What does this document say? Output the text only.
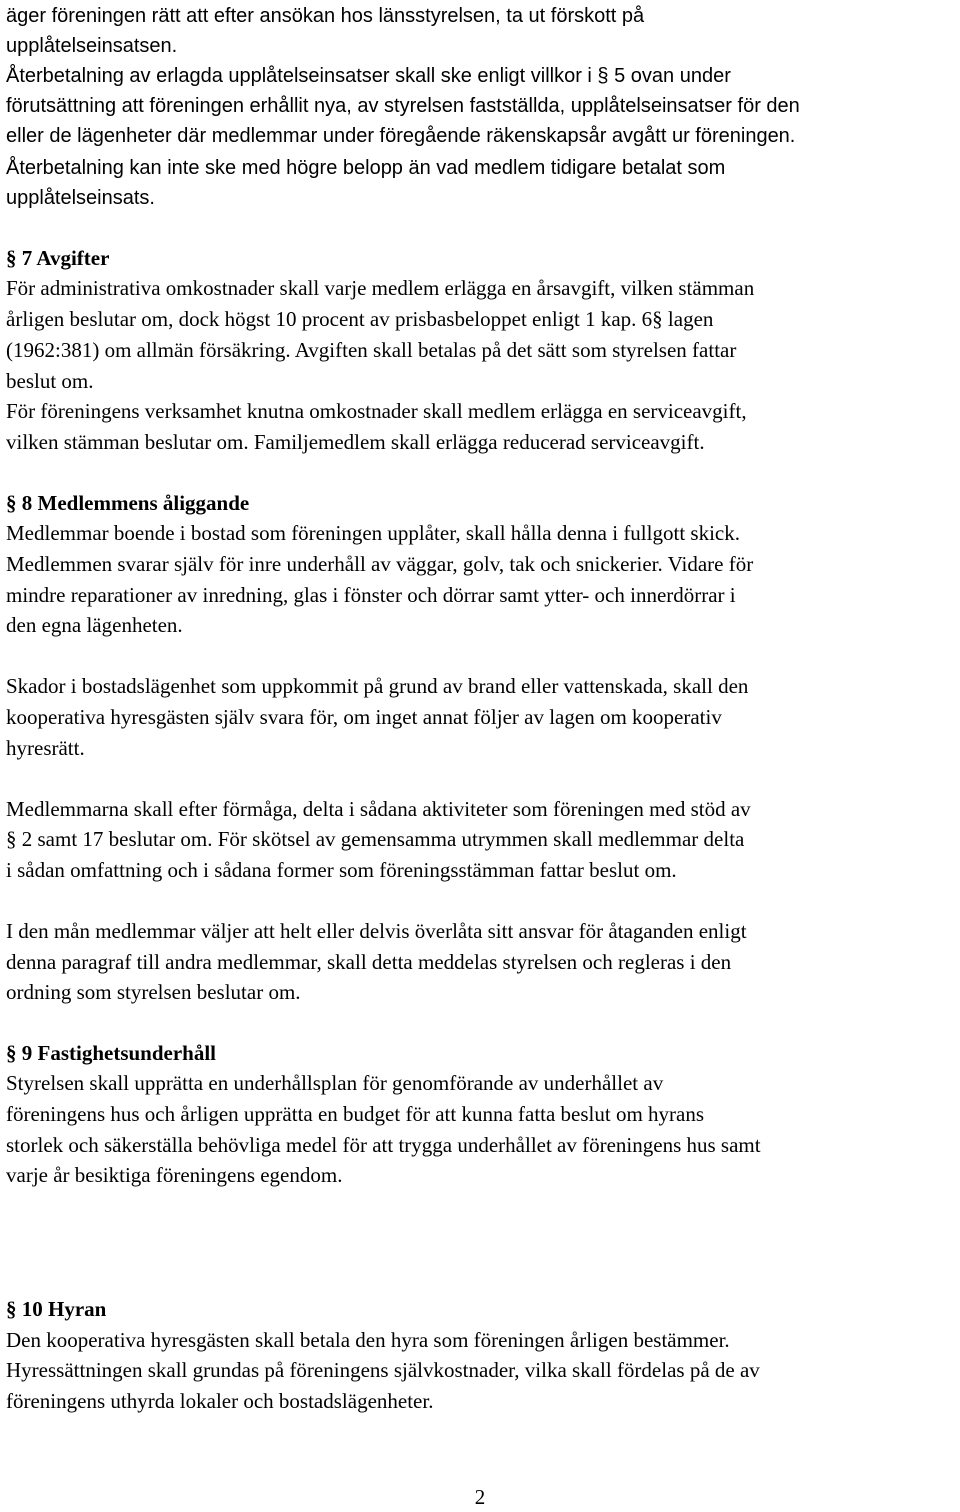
äger föreningen rätt att efter ansökan hos länsstyrelsen, ta ut förskott på
upplåtelseinsatsen.
Återbetalning av erlagda upplåtelseinsatser skall ske enligt villkor i § 5 ovan under
förutsättning att föreningen erhållit nya, av styrelsen fastställda, upplåtelseinsatser för den
eller de lägenheter där medlemmar under föregående räkenskapsår avgått ur föreningen.
Återbetalning kan inte ske med högre belopp än vad medlem tidigare betalat som
upplåtelseinsats.
§ 7 Avgifter
För administrativa omkostnader skall varje medlem erlägga en årsavgift, vilken stämman
årligen beslutar om, dock högst 10 procent av prisbasbeloppet enligt 1 kap. 6§ lagen
(1962:381) om allmän försäkring. Avgiften skall betalas på det sätt som styrelsen fattar
beslut om.
För föreningens verksamhet knutna omkostnader skall medlem erlägga en serviceavgift,
vilken stämman beslutar om. Familjemedlem skall erlägga reducerad serviceavgift.
§ 8 Medlemmens åliggande
Medlemmar boende i bostad som föreningen upplåter, skall hålla denna i fullgott skick.
Medlemmen svarar själv för inre underhåll av väggar, golv, tak och snickerier. Vidare för
mindre reparationer av inredning, glas i fönster och dörrar samt ytter- och innerdörrar i
den egna lägenheten.
Skador i bostadslägenhet som uppkommit på grund av brand eller vattenskada, skall den
kooperativa hyresgästen själv svara för, om inget annat följer av lagen om kooperativ
hyresrätt.
Medlemmarna skall efter förmåga, delta i sådana aktiviteter som föreningen med stöd av
§ 2 samt 17 beslutar om. För skötsel av gemensamma utrymmen skall medlemmar delta
i sådan omfattning och i sådana former som föreningsstämman fattar beslut om.
I den mån medlemmar väljer att helt eller delvis överlåta sitt ansvar för åtaganden enligt
denna paragraf till andra medlemmar, skall detta meddelas styrelsen och regleras i den
ordning som styrelsen beslutar om.
§ 9 Fastighetsunderhåll
Styrelsen skall upprätta en underhållsplan för genomförande av underhållet av
föreningens hus och årligen upprätta en budget för att kunna fatta beslut om hyrans
storlek och säkerställa behövliga medel för att trygga underhållet av föreningens hus samt
varje år besiktiga föreningens egendom.
§ 10 Hyran
Den kooperativa hyresgästen skall betala den hyra som föreningen årligen bestämmer.
Hyressättningen skall grundas på föreningens självkostnader, vilka skall fördelas på de av
föreningens uthyrda lokaler och bostadslägenheter.
2
